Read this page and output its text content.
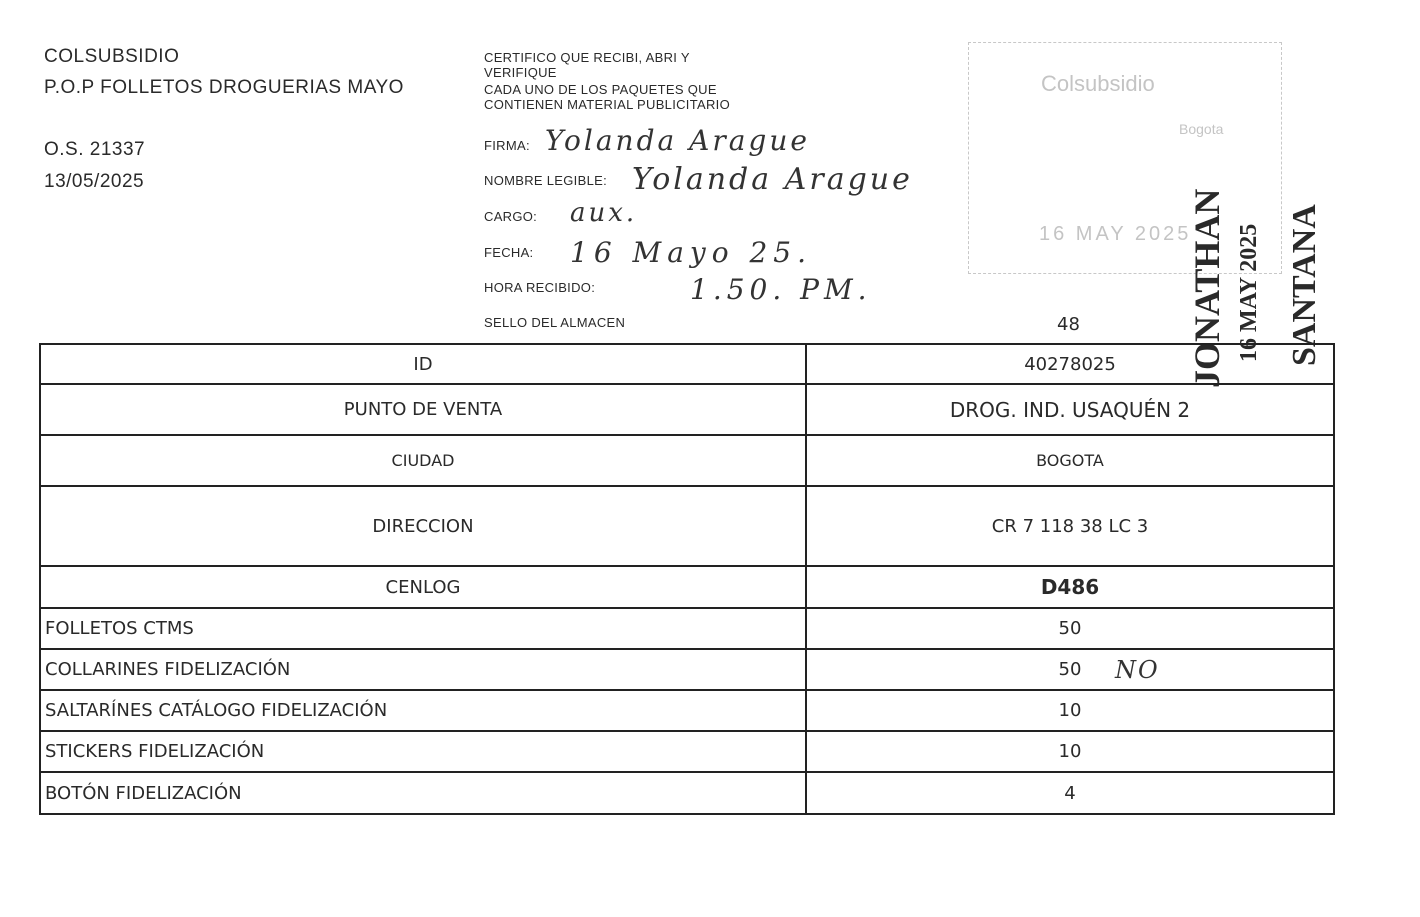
COLSUBSIDIO
P.O.P FOLLETOS DROGUERIAS MAYO
O.S. 21337
13/05/2025
CERTIFICO QUE RECIBI, ABRI Y
VERIFIQUE
CADA UNO DE LOS PAQUETES QUE
CONTIENEN MATERIAL PUBLICITARIO
FIRMA: Yolanda Arague
NOMBRE LEGIBLE: Yolanda Arague
CARGO: aux.
FECHA: 16 Mayo 25.
HORA RECIBIDO:	1.50. PM.
SELLO DEL ALMACEN	48
Colsubsidio
Bogota
16 MAY 2025
JONATHAN 16 MAY 2025 SANTANA
ID	40278025
PUNTO DE VENTA	DROG. IND. USAQUÉN 2
CIUDAD	BOGOTA
DIRECCION	CR 7 118 38 LC 3
CENLOG	D486
FOLLETOS CTMS	50
COLLARINES FIDELIZACIÓN	50 NO

SALTARÍNES CATÁLOGO FIDELIZACIÓN	10
STICKERS FIDELIZACIÓN	10
BOTÓN FIDELIZACIÓN	4
